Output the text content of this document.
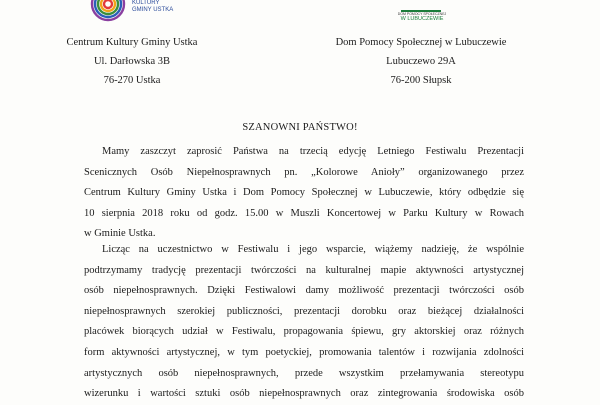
KULTURY
GMINY USTKA
DOM POMOCY SPOŁECZNEJ
W LUBUCZEWIE
Centrum Kultury Gminy Ustka
Ul. Darłowska 3B
76-270 Ustka
Dom Pomocy Społecznej w Lubuczewie
Lubuczewo 29A
76-200 Słupsk
SZANOWNI PAŃSTWO!
Mamy zaszczyt zaprosić Państwa na trzecią edycję Letniego Festiwalu Prezentacji
Scenicznych Osób Niepełnosprawnych pn. „Kolorowe Anioły” organizowanego przez
Centrum Kultury Gminy Ustka i Dom Pomocy Społecznej w Lubuczewie, który odbędzie się
10 sierpnia 2018 roku od godz. 15.00 w Muszli Koncertowej w Parku Kultury w Rowach
w Gminie Ustka.
Licząc na uczestnictwo w Festiwalu i jego wsparcie, wiążemy nadzieję, że wspólnie
podtrzymamy tradycję prezentacji twórczości na kulturalnej mapie aktywności artystycznej
osób niepełnosprawnych. Dzięki Festiwalowi damy możliwość prezentacji twórczości osób
niepełnosprawnych szerokiej publiczności, prezentacji dorobku oraz bieżącej działalności
placówek biorących udział w Festiwalu, propagowania śpiewu, gry aktorskiej oraz różnych
form aktywności artystycznej, w tym poetyckiej, promowania talentów i rozwijania zdolności
artystycznych osób niepełnosprawnych, przede wszystkim przełamywania stereotypu
wizerunku i wartości sztuki osób niepełnosprawnych oraz zintegrowania środowiska osób
